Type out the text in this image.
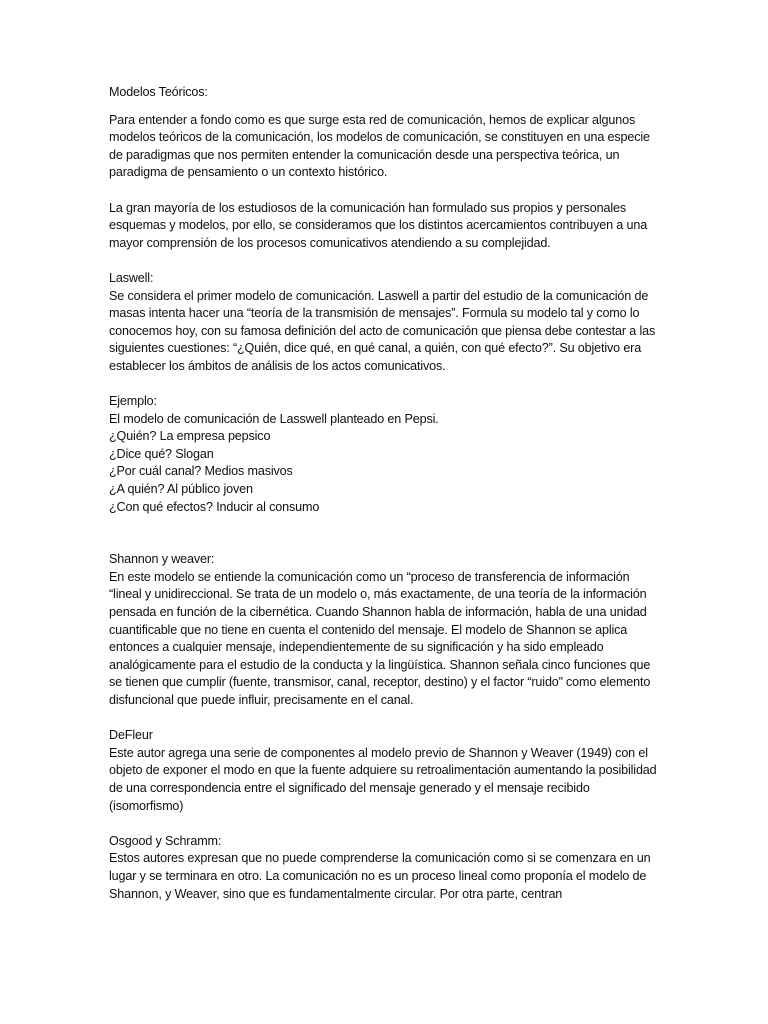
Modelos Teóricos:

Para entender a fondo como es que surge esta red de comunicación, hemos de explicar algunos modelos teóricos de la comunicación, los modelos de comunicación, se constituyen en una especie de paradigmas que nos permiten entender la comunicación desde una perspectiva teórica, un paradigma de pensamiento o un contexto histórico.

La gran mayoría de los estudiosos de la comunicación han formulado sus propios y personales esquemas y modelos, por ello, se consideramos que los distintos acercamientos contribuyen a una mayor comprensión de los procesos comunicativos atendiendo a su complejidad.

Laswell:
Se considera el primer modelo de comunicación. Laswell a partir del estudio de la comunicación de masas intenta hacer una “teoría de la transmisión de mensajes”. Formula su modelo tal y como lo conocemos hoy, con su famosa definición del acto de comunicación que piensa debe contestar a las siguientes cuestiones: “¿Quién, dice qué, en qué canal, a quién, con qué efecto?”. Su objetivo era establecer los ámbitos de análisis de los actos comunicativos.
Ejemplo:
El modelo de comunicación de Lasswell planteado en Pepsi.
¿Quién? La empresa pepsico
¿Dice qué? Slogan
¿Por cuál canal? Medios masivos
¿A quién? Al público joven
¿Con qué efectos? Inducir al consumo
Shannon y weaver:
En este modelo se entiende la comunicación como un “proceso de transferencia de información “lineal y unidireccional. Se trata de un modelo o, más exactamente, de una teoría de la información pensada en función de la cibernética. Cuando Shannon habla de información, habla de una unidad cuantificable que no tiene en cuenta el contenido del mensaje. El modelo de Shannon se aplica entonces a cualquier mensaje, independientemente de su significación y ha sido empleado analógicamente para el estudio de la conducta y la lingüística. Shannon señala cinco funciones que se tienen que cumplir (fuente, transmisor, canal, receptor, destino) y el factor “ruido” como elemento disfuncional que puede influir, precisamente en el canal.
DeFleur
Este autor agrega una serie de componentes al modelo previo de Shannon y Weaver (1949) con el objeto de exponer el modo en que la fuente adquiere su retroalimentación aumentando la posibilidad de una correspondencia entre el significado del mensaje generado y el mensaje recibido (isomorfismo)
Osgood y Schramm:
Estos autores expresan que no puede comprenderse la comunicación como si se comenzara en un lugar y se terminara en otro. La comunicación no es un proceso lineal como proponía el modelo de Shannon, y Weaver, sino que es fundamentalmente circular. Por otra parte, centran
